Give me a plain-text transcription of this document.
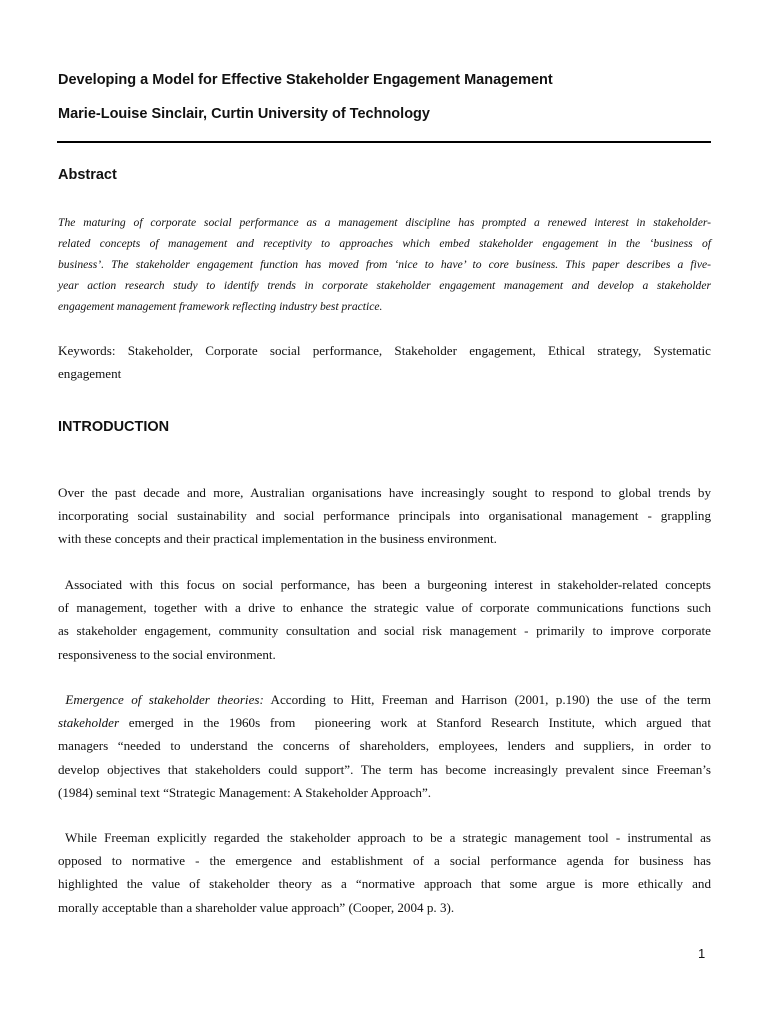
Developing a Model for Effective Stakeholder Engagement Management
Marie-Louise Sinclair, Curtin University of Technology
Abstract
The maturing of corporate social performance as a management discipline has prompted a renewed interest in stakeholder-
related concepts of management and receptivity to approaches which embed stakeholder engagement in the ‘business of
business’. The stakeholder engagement function has moved from ‘nice to have’ to core business. This paper describes a five-
year action research study to identify trends in corporate stakeholder engagement management and develop a stakeholder
engagement management framework reflecting industry best practice.
Keywords: Stakeholder, Corporate social performance, Stakeholder engagement, Ethical strategy, Systematic
engagement
INTRODUCTION
Over the past decade and more, Australian organisations have increasingly sought to respond to global trends by
incorporating social sustainability and social performance principals into organisational management - grappling
with these concepts and their practical implementation in the business environment.
Associated with this focus on social performance, has been a burgeoning interest in stakeholder-related concepts
of management, together with a drive to enhance the strategic value of corporate communications functions such
as stakeholder engagement, community consultation and social risk management - primarily to improve corporate
responsiveness to the social environment.
Emergence of stakeholder theories: According to Hitt, Freeman and Harrison (2001, p.190) the use of the term
stakeholder emerged in the 1960s from  pioneering work at Stanford Research Institute, which argued that
managers “needed to understand the concerns of shareholders, employees, lenders and suppliers, in order to
develop objectives that stakeholders could support”. The term has become increasingly prevalent since Freeman’s
(1984) seminal text “Strategic Management: A Stakeholder Approach”.
While Freeman explicitly regarded the stakeholder approach to be a strategic management tool - instrumental as
opposed to normative - the emergence and establishment of a social performance agenda for business has
highlighted the value of stakeholder theory as a “normative approach that some argue is more ethically and
morally acceptable than a shareholder value approach” (Cooper, 2004 p. 3).
1
